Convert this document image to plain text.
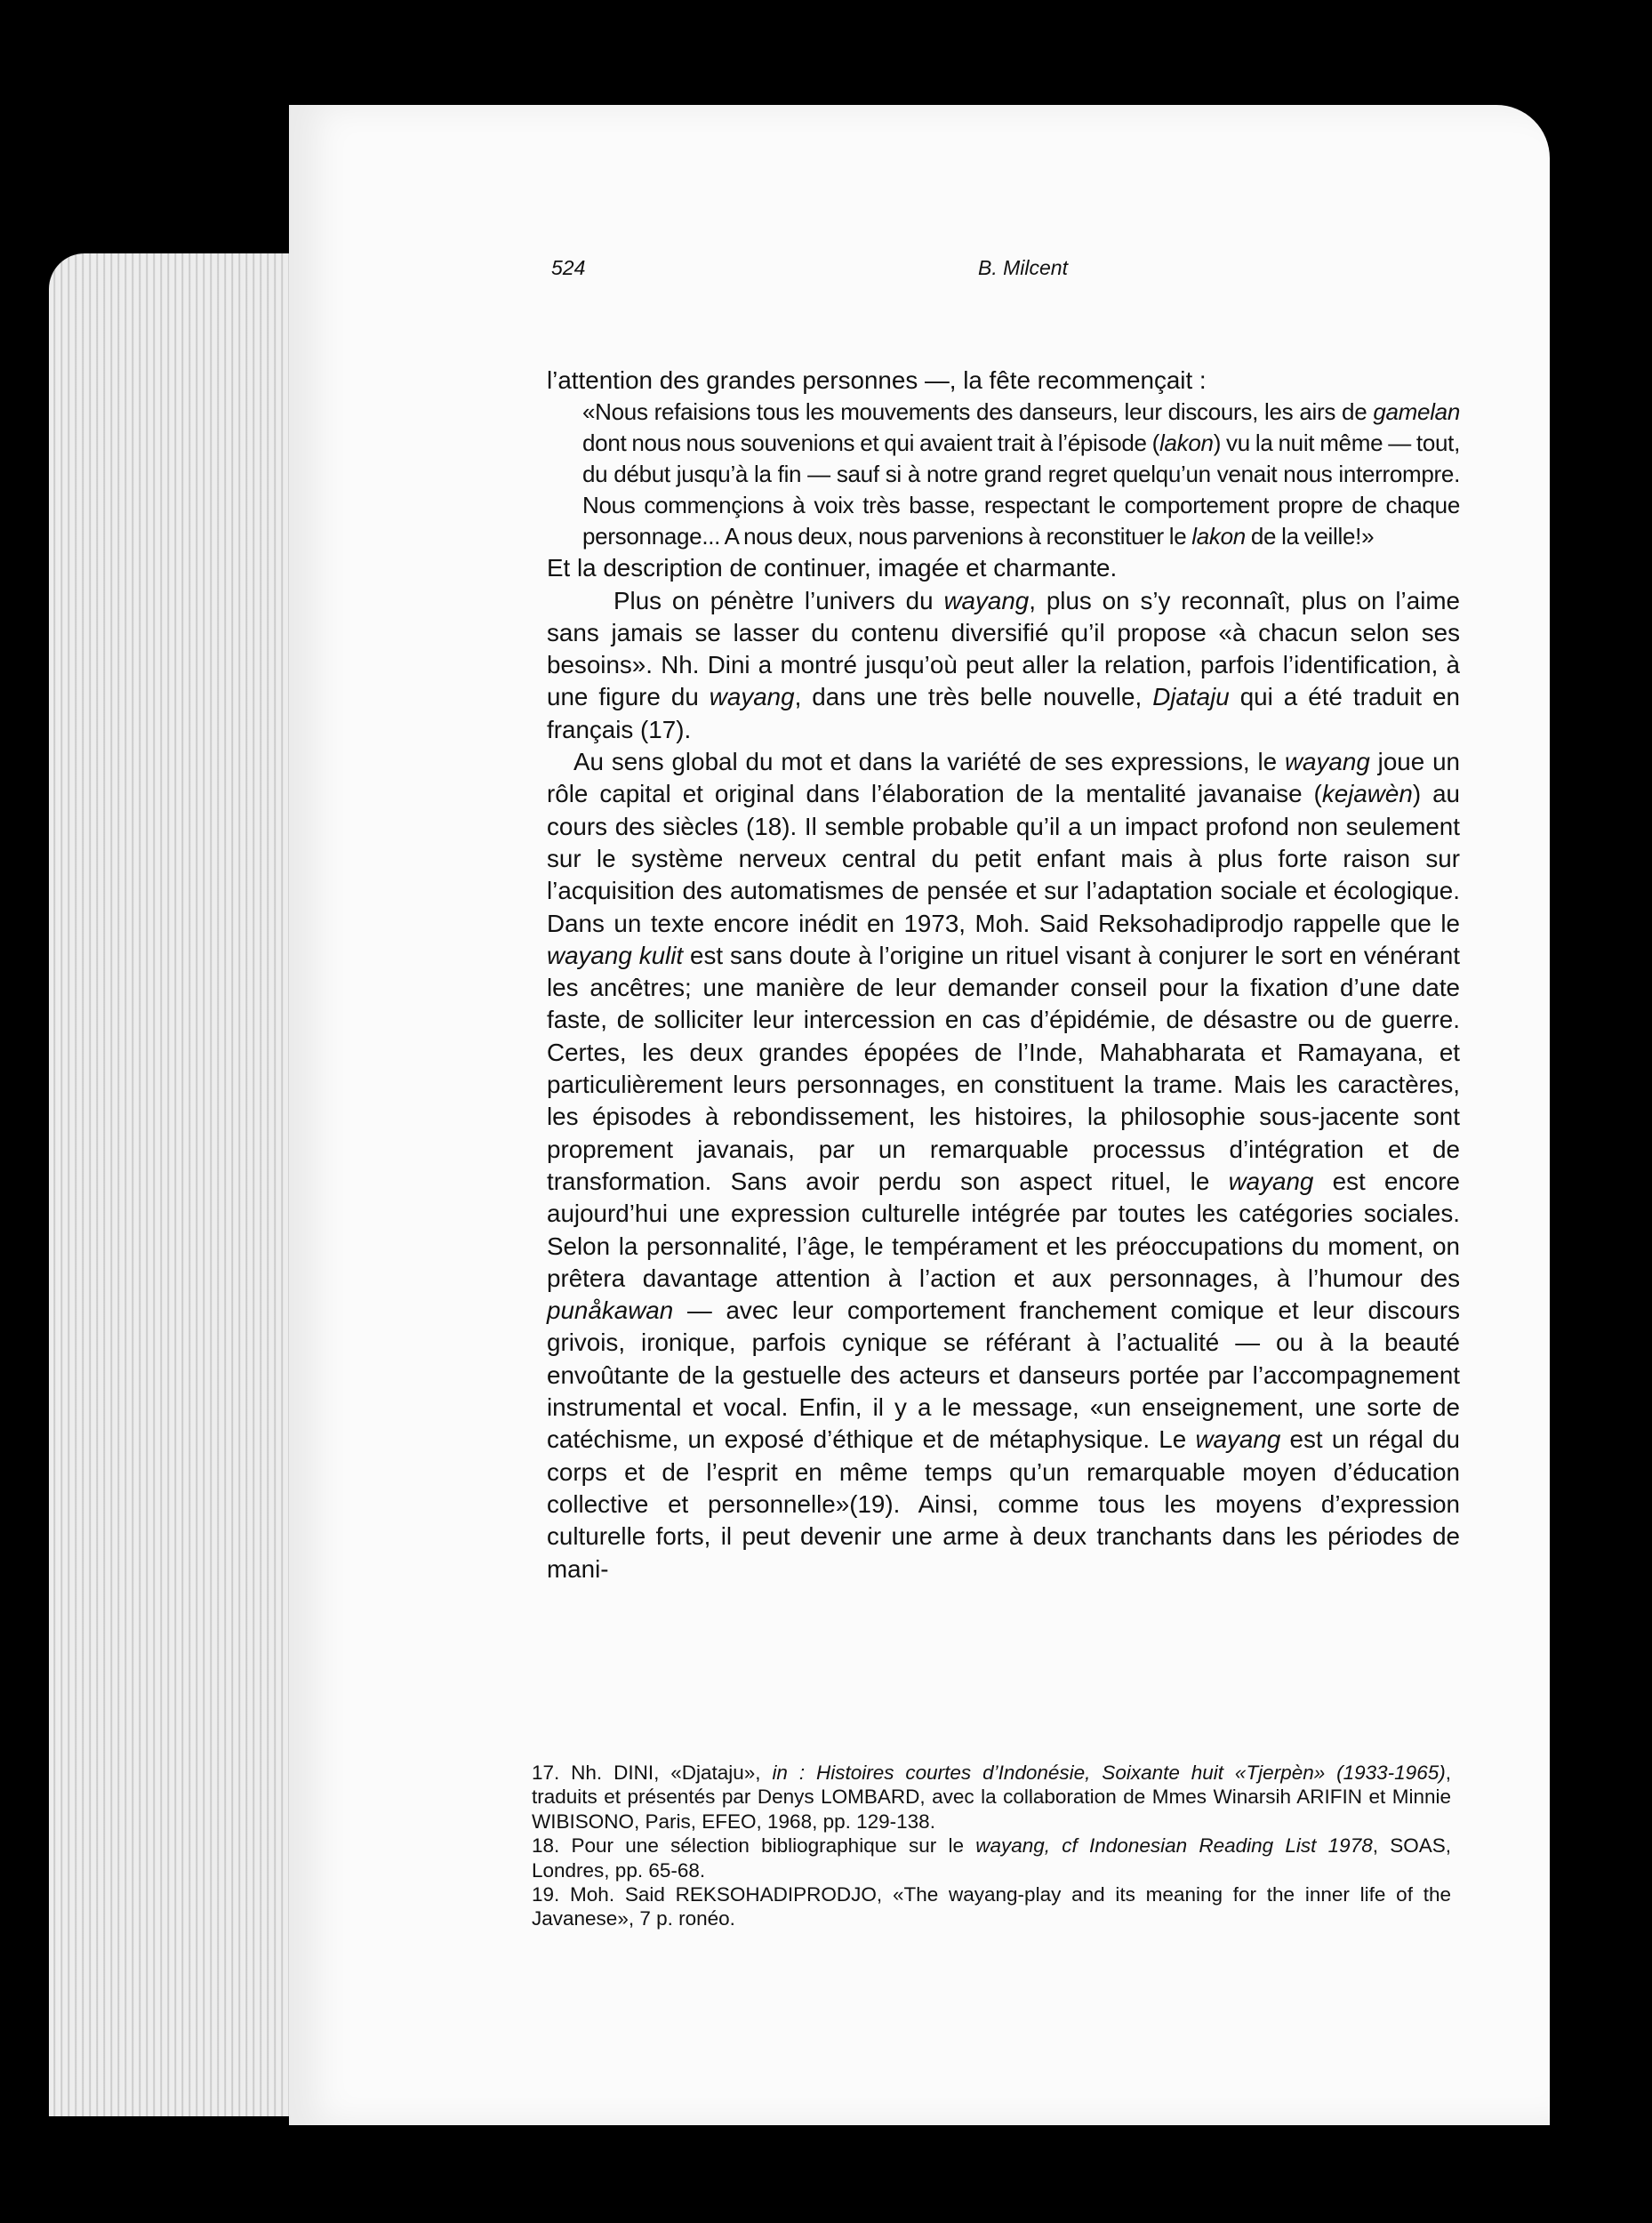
524	B. Milcent

l’attention des grandes personnes —, la fête recommençait :

«Nous refaisions tous les mouvements des danseurs, leur discours, les airs de gamelan dont nous nous souvenions et qui avaient trait à l’épisode (lakon) vu la nuit même — tout, du début jusqu’à la fin — sauf si à notre grand regret quelqu’un venait nous interrompre. Nous commençions à voix très basse, respectant le comportement propre de chaque personnage... A nous deux, nous parvenions à reconstituer le lakon de la veille!»

Et la description de continuer, imagée et charmante.

Plus on pénètre l’univers du wayang, plus on s’y reconnaît, plus on l’aime sans jamais se lasser du contenu diversifié qu’il propose «à chacun selon ses besoins». Nh. Dini a montré jusqu’où peut aller la relation, parfois l’identification, à une figure du wayang, dans une très belle nouvelle, Djataju qui a été traduit en français (17).

Au sens global du mot et dans la variété de ses expressions, le wayang joue un rôle capital et original dans l’élaboration de la mentalité javanaise (kejawèn) au cours des siècles (18). Il semble probable qu’il a un impact profond non seulement sur le système nerveux central du petit enfant mais à plus forte raison sur l’acquisition des automatismes de pensée et sur l’adaptation sociale et écologique. Dans un texte encore inédit en 1973, Moh. Said Reksohadiprodjo rappelle que le wayang kulit est sans doute à l’origine un rituel visant à conjurer le sort en vénérant les ancêtres; une manière de leur demander conseil pour la fixation d’une date faste, de solliciter leur intercession en cas d’épidémie, de désastre ou de guerre. Certes, les deux grandes épopées de l’Inde, Mahabharata et Ramayana, et particulièrement leurs personnages, en constituent la trame. Mais les caractères, les épisodes à rebondissement, les histoires, la philosophie sous-jacente sont proprement javanais, par un remarquable processus d’intégration et de transformation. Sans avoir perdu son aspect rituel, le wayang est encore aujourd’hui une expression culturelle intégrée par toutes les catégories sociales. Selon la personnalité, l’âge, le tempérament et les préoccupations du moment, on prêtera davantage attention à l’action et aux personnages, à l’humour des punåkawan — avec leur comportement franchement comique et leur discours grivois, ironique, parfois cynique se référant à l’actualité — ou à la beauté envoûtante de la gestuelle des acteurs et danseurs portée par l’accompagnement instrumental et vocal. Enfin, il y a le message, «un enseignement, une sorte de catéchisme, un exposé d’éthique et de métaphysique. Le wayang est un régal du corps et de l’esprit en même temps qu’un remarquable moyen d’éducation collective et personnelle»(19). Ainsi, comme tous les moyens d’expression culturelle forts, il peut devenir une arme à deux tranchants dans les périodes de mani-

17. Nh. DINI, «Djataju», in : Histoires courtes d’Indonésie, Soixante huit «Tjerpèn» (1933-1965), traduits et présentés par Denys LOMBARD, avec la collaboration de Mmes Winarsih ARIFIN et Minnie WIBISONO, Paris, EFEO, 1968, pp. 129-138.

18. Pour une sélection bibliographique sur le wayang, cf Indonesian Reading List 1978, SOAS, Londres, pp. 65-68.

19. Moh. Said REKSOHADIPRODJO, «The wayang-play and its meaning for the inner life of the Javanese», 7 p. ronéo.
